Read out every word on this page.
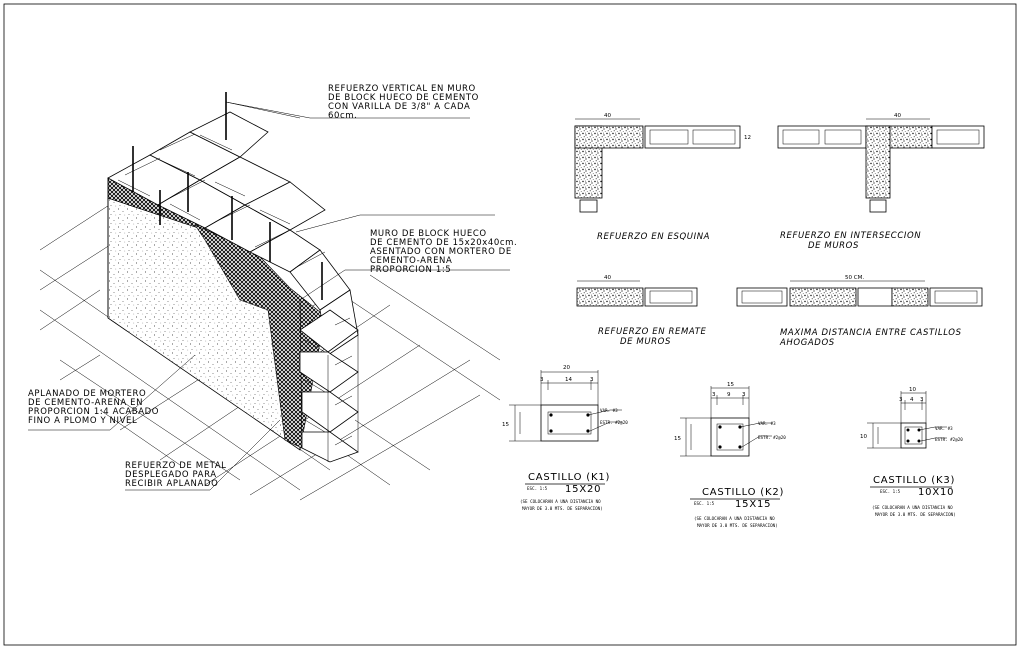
REFUERZO VERTICAL EN MURO DE BLOCK HUECO DE CEMENTO CON VARILLA DE 3/8" A CADA 60cm.
MURO DE BLOCK HUECO DE CEMENTO DE 15x20x40cm. ASENTADO CON MORTERO DE CEMENTO-ARENA PROPORCION 1:5
APLANADO DE MORTERO DE CEMENTO-ARENA EN PROPORCION 1:4 ACABADO FINO A PLOMO Y NIVEL
REFUERZO DE METAL DESPLEGADO PARA RECIBIR APLANADO
40
12
REFUERZO EN ESQUINA
40
REFUERZO EN INTERSECCION DE MUROS
40
REFUERZO EN REMATE DE MUROS
50 CM.
MAXIMA DISTANCIA ENTRE CASTILLOS AHOGADOS
20
3	14	3
15
VAR. #3
ESTR. #2@20
CASTILLO (K1)
ESC. 1:5 15X20
(SE COLOCARAN A UNA DISTANCIA NO MAYOR DE 3.0 MTS. DE SEPARACION)
15
3 9 3
15
VAR. #3
ESTR. #2@20
CASTILLO (K2)
ESC. 1:5 15X15
(SE COLOCARAN A UNA DISTANCIA NO MAYOR DE 3.0 MTS. DE SEPARACION)
10
3 4 3
10
VAR. #3
ESTR. #2@20
CASTILLO (K3)
ESC. 1:5 10X10
(SE COLOCARAN A UNA DISTANCIA NO MAYOR DE 3.0 MTS. DE SEPARACION)
